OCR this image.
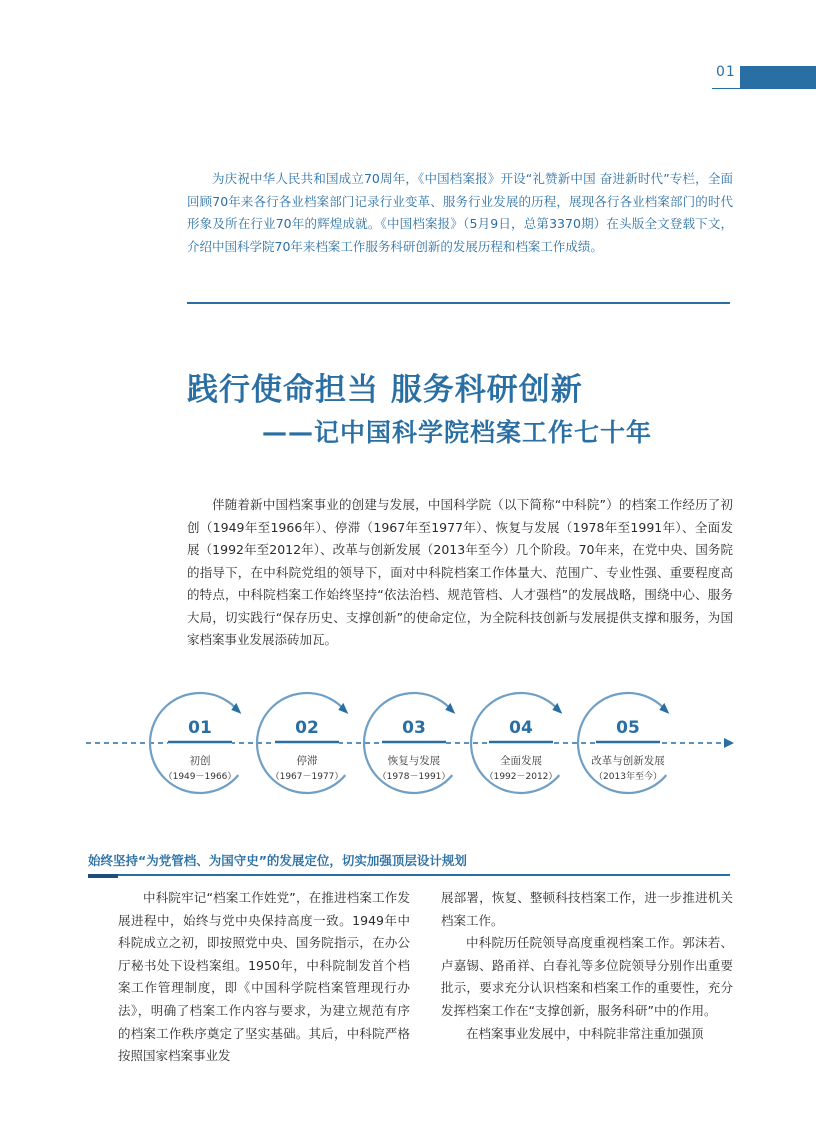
01

为庆祝中华人民共和国成立70周年，《中国档案报》开设“礼赞新中国 奋进新时代”专栏，全面回顾70年来各行各业档案部门记录行业变革、服务行业发展的历程，展现各行各业档案部门的时代形象及所在行业70年的辉煌成就。《中国档案报》（5月9日，总第3370期）在头版全文登载下文，介绍中国科学院70年来档案工作服务科研创新的发展历程和档案工作成绩。

践行使命担当 服务科研创新
——记中国科学院档案工作七十年

伴随着新中国档案事业的创建与发展，中国科学院（以下简称“中科院”）的档案工作经历了初创（1949年至1966年）、停滞（1967年至1977年）、恢复与发展（1978年至1991年）、全面发展（1992年至2012年）、改革与创新发展（2013年至今）几个阶段。70年来，在党中央、国务院的指导下，在中科院党组的领导下，面对中科院档案工作体量大、范围广、专业性强、重要程度高的特点，中科院档案工作始终坚持“依法治档、规范管档、人才强档”的发展战略，围绕中心、服务大局，切实践行“保存历史、支撑创新”的使命定位，为全院科技创新与发展提供支撑和服务，为国家档案事业发展添砖加瓦。

01
初创
（1949－1966）
02
停滞
（1967－1977）
03
恢复与发展
（1978－1991）
04
全面发展
（1992－2012）
05
改革与创新发展
（2013年至今）
始终坚持“为党管档、为国守史”的发展定位，切实加强顶层设计规划

中科院牢记“档案工作姓党”，在推进档案工作发展进程中，始终与党中央保持高度一致。1949年中科院成立之初，即按照党中央、国务院指示，在办公厅秘书处下设档案组。1950年，中科院制发首个档案工作管理制度，即《中国科学院档案管理现行办法》，明确了档案工作内容与要求，为建立规范有序的档案工作秩序奠定了坚实基础。其后，中科院严格按照国家档案事业发

展部署，恢复、整顿科技档案工作，进一步推进机关档案工作。

中科院历任院领导高度重视档案工作。郭沫若、卢嘉锡、路甬祥、白春礼等多位院领导分别作出重要批示，要求充分认识档案和档案工作的重要性，充分发挥档案工作在“支撑创新，服务科研”中的作用。

在档案事业发展中，中科院非常注重加强顶
